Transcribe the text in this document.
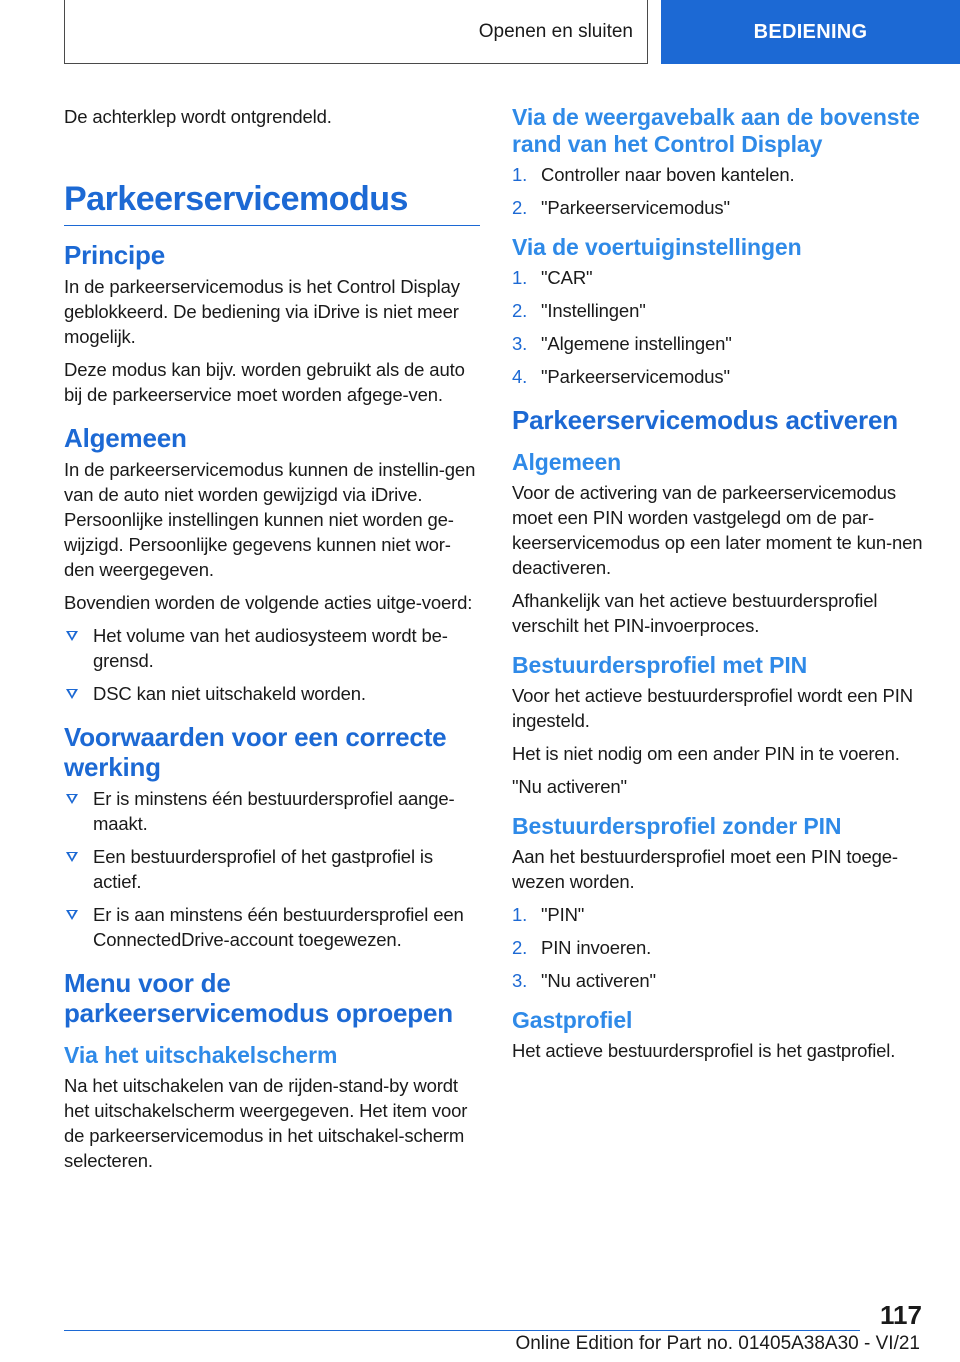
Openen en sluiten	BEDIENING

De achterklep wordt ontgrendeld.

Parkeerservicemodus
Principe

In de parkeerservicemodus is het Control Display geblokkeerd. De bediening via iDrive is niet meer mogelijk.

Deze modus kan bijv. worden gebruikt als de auto bij de parkeerservice moet worden afgege-ven.

Algemeen

In de parkeerservicemodus kunnen de instellin-gen van de auto niet worden gewijzigd via iDrive. Persoonlijke instellingen kunnen niet worden ge-wijzigd. Persoonlijke gegevens kunnen niet wor-den weergegeven.

Bovendien worden de volgende acties uitge-voerd:

Het volume van het audiosysteem wordt be-grensd.
DSC kan niet uitschakeld worden.
Voorwaarden voor een correcte werking
Er is minstens één bestuurdersprofiel aange-maakt.
Een bestuurdersprofiel of het gastprofiel is actief.
Er is aan minstens één bestuurdersprofiel een ConnectedDrive-account toegewezen.
Menu voor de parkeerservicemodus oproepen
Via het uitschakelscherm

Na het uitschakelen van de rijden-stand-by wordt het uitschakelscherm weergegeven. Het item voor de parkeerservicemodus in het uitschakel-scherm selecteren.

Via de weergavebalk aan de bovenste rand van het Control Display
1. Controller naar boven kantelen.
2. "Parkeerservicemodus"
Via de voertuiginstellingen
1. "CAR"
2. "Instellingen"
3. "Algemene instellingen"
4. "Parkeerservicemodus"
Parkeerservicemodus activeren
Algemeen

Voor de activering van de parkeerservicemodus moet een PIN worden vastgelegd om de par-keerservicemodus op een later moment te kun-nen deactiveren.

Afhankelijk van het actieve bestuurdersprofiel verschilt het PIN-invoerproces.

Bestuurdersprofiel met PIN

Voor het actieve bestuurdersprofiel wordt een PIN ingesteld.

Het is niet nodig om een ander PIN in te voeren.

"Nu activeren"

Bestuurdersprofiel zonder PIN

Aan het bestuurdersprofiel moet een PIN toege-wezen worden.

1. "PIN"
2. PIN invoeren.
3. "Nu activeren"
Gastprofiel

Het actieve bestuurdersprofiel is het gastprofiel.

117
Online Edition for Part no. 01405A38A30 - VI/21
